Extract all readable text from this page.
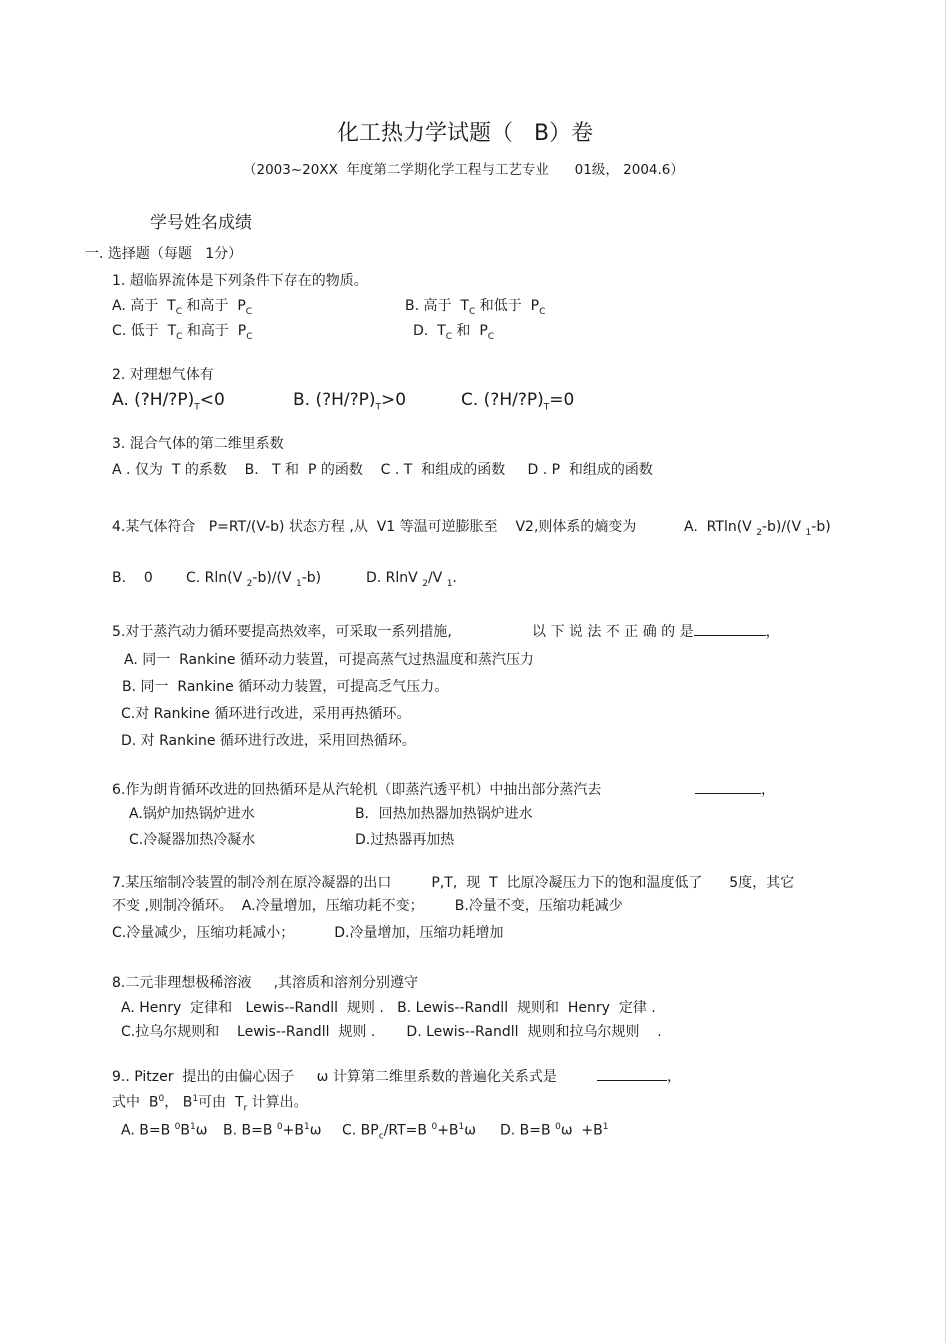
化工热力学试题（   B）卷
（2003~20XX  年度第二学期化学工程与工艺专业      01级， 2004.6）
学号姓名成绩
一. 选择题（每题   1分）
1. 超临界流体是下列条件下存在的物质。
A. 高于  $T_C$ 和高于  $P_C$	B. 高于  $T_C$ 和低于  $P_C$
C. 低于  $T_C$ 和高于  $P_C$	D.  $T_C$ 和  $P_C$
2. 对理想气体有
A. $(?H/?P)_T<0$	B. $(?H/?P)_T>0$	C. $(?H/?P)_T=0$
3. 混合气体的第二维里系数
A . 仅为  T 的系数    B.   T 和  P 的函数    C . T  和组成的函数     D . P  和组成的函数
4.某气体符合   P=RT/(V-b) 状态方程 ,从  V1 等温可逆膨胀至    V2,则体系的熵变为	A.  RTln(V $_2$-b)/(V $_1$-b)
B.    0 C. Rln(V $_2$-b)/(V $_1$-b)	D. RlnV $_2$/V $_1$.
5.对于蒸汽动力循环要提高热效率，可采取一系列措施,	以 下 说 法 不 正 确 的 是	，
A. 同一  Rankine 循环动力装置，可提高蒸气过热温度和蒸汽压力
B. 同一  Rankine 循环动力装置，可提高乏气压力。
C.对 Rankine 循环进行改进，采用再热循环。
D. 对 Rankine 循环进行改进，采用回热循环。
6.作为朗肯循环改进的回热循环是从汽轮机（即蒸汽透平机）中抽出部分蒸汽去	，
A.锅炉加热锅炉进水	B．回热加热器加热锅炉进水
C.冷凝器加热冷凝水	D.过热器再加热
7.某压缩制冷装置的制冷剂在原冷凝器的出口         P,T,  现  T  比原冷凝压力下的饱和温度低了      5度，其它
不变 ,则制冷循环。  A.冷量增加，压缩功耗不变；       B.冷量不变，压缩功耗减少
C.冷量减少，压缩功耗减小；         D.冷量增加，压缩功耗增加
8.二元非理想极稀溶液     ,其溶质和溶剂分别遵守
A. Henry  定律和   Lewis--Randll  规则 .   B. Lewis--Randll  规则和  Henry  定律 .
C.拉乌尔规则和    Lewis--Randll  规则 .       D. Lewis--Randll  规则和拉乌尔规则    .
9.. Pitzer  提出的由偏心因子     ω 计算第二维里系数的普遍化关系式是	，
式中  $B^0$， $B^1$可由  $T_r$ 计算出。
A. B=B $^0B^1\omega$ B. B=B $^0+B^1\omega$ C. $BP_c/RT=B$ $^0+B^1\omega$ D. B=B $^0\omega +B^1$
